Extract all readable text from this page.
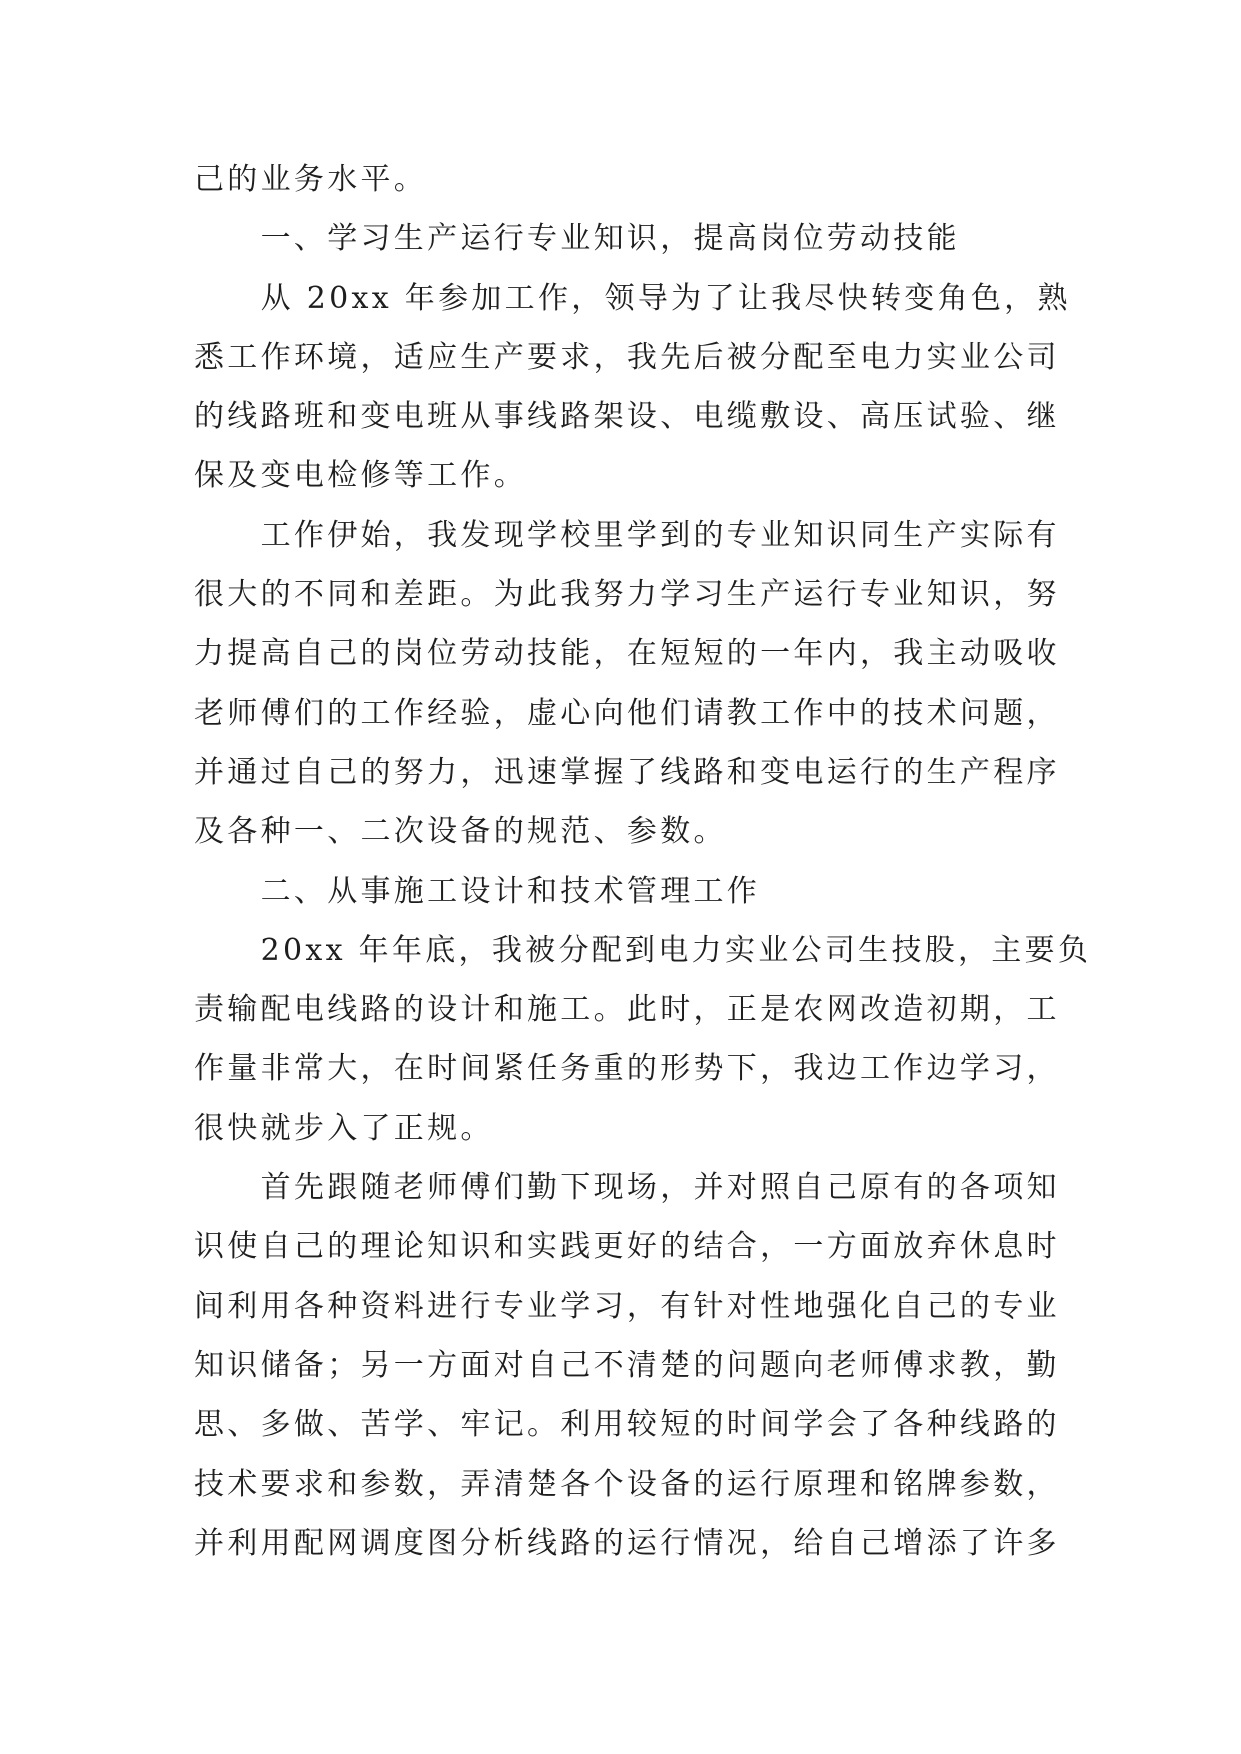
己的业务水平。
一、学习生产运行专业知识，提高岗位劳动技能
从 20xx 年参加工作，领导为了让我尽快转变角色，熟
悉工作环境，适应生产要求，我先后被分配至电力实业公司
的线路班和变电班从事线路架设、电缆敷设、高压试验、继
保及变电检修等工作。
工作伊始，我发现学校里学到的专业知识同生产实际有
很大的不同和差距。为此我努力学习生产运行专业知识，努
力提高自己的岗位劳动技能，在短短的一年内，我主动吸收
老师傅们的工作经验，虚心向他们请教工作中的技术问题，
并通过自己的努力，迅速掌握了线路和变电运行的生产程序
及各种一、二次设备的规范、参数。
二、从事施工设计和技术管理工作
20xx 年年底，我被分配到电力实业公司生技股，主要负
责输配电线路的设计和施工。此时，正是农网改造初期，工
作量非常大，在时间紧任务重的形势下，我边工作边学习，
很快就步入了正规。
首先跟随老师傅们勤下现场，并对照自己原有的各项知
识使自己的理论知识和实践更好的结合，一方面放弃休息时
间利用各种资料进行专业学习，有针对性地强化自己的专业
知识储备；另一方面对自己不清楚的问题向老师傅求教，勤
思、多做、苦学、牢记。利用较短的时间学会了各种线路的
技术要求和参数，弄清楚各个设备的运行原理和铭牌参数，
并利用配网调度图分析线路的运行情况，给自己增添了许多
